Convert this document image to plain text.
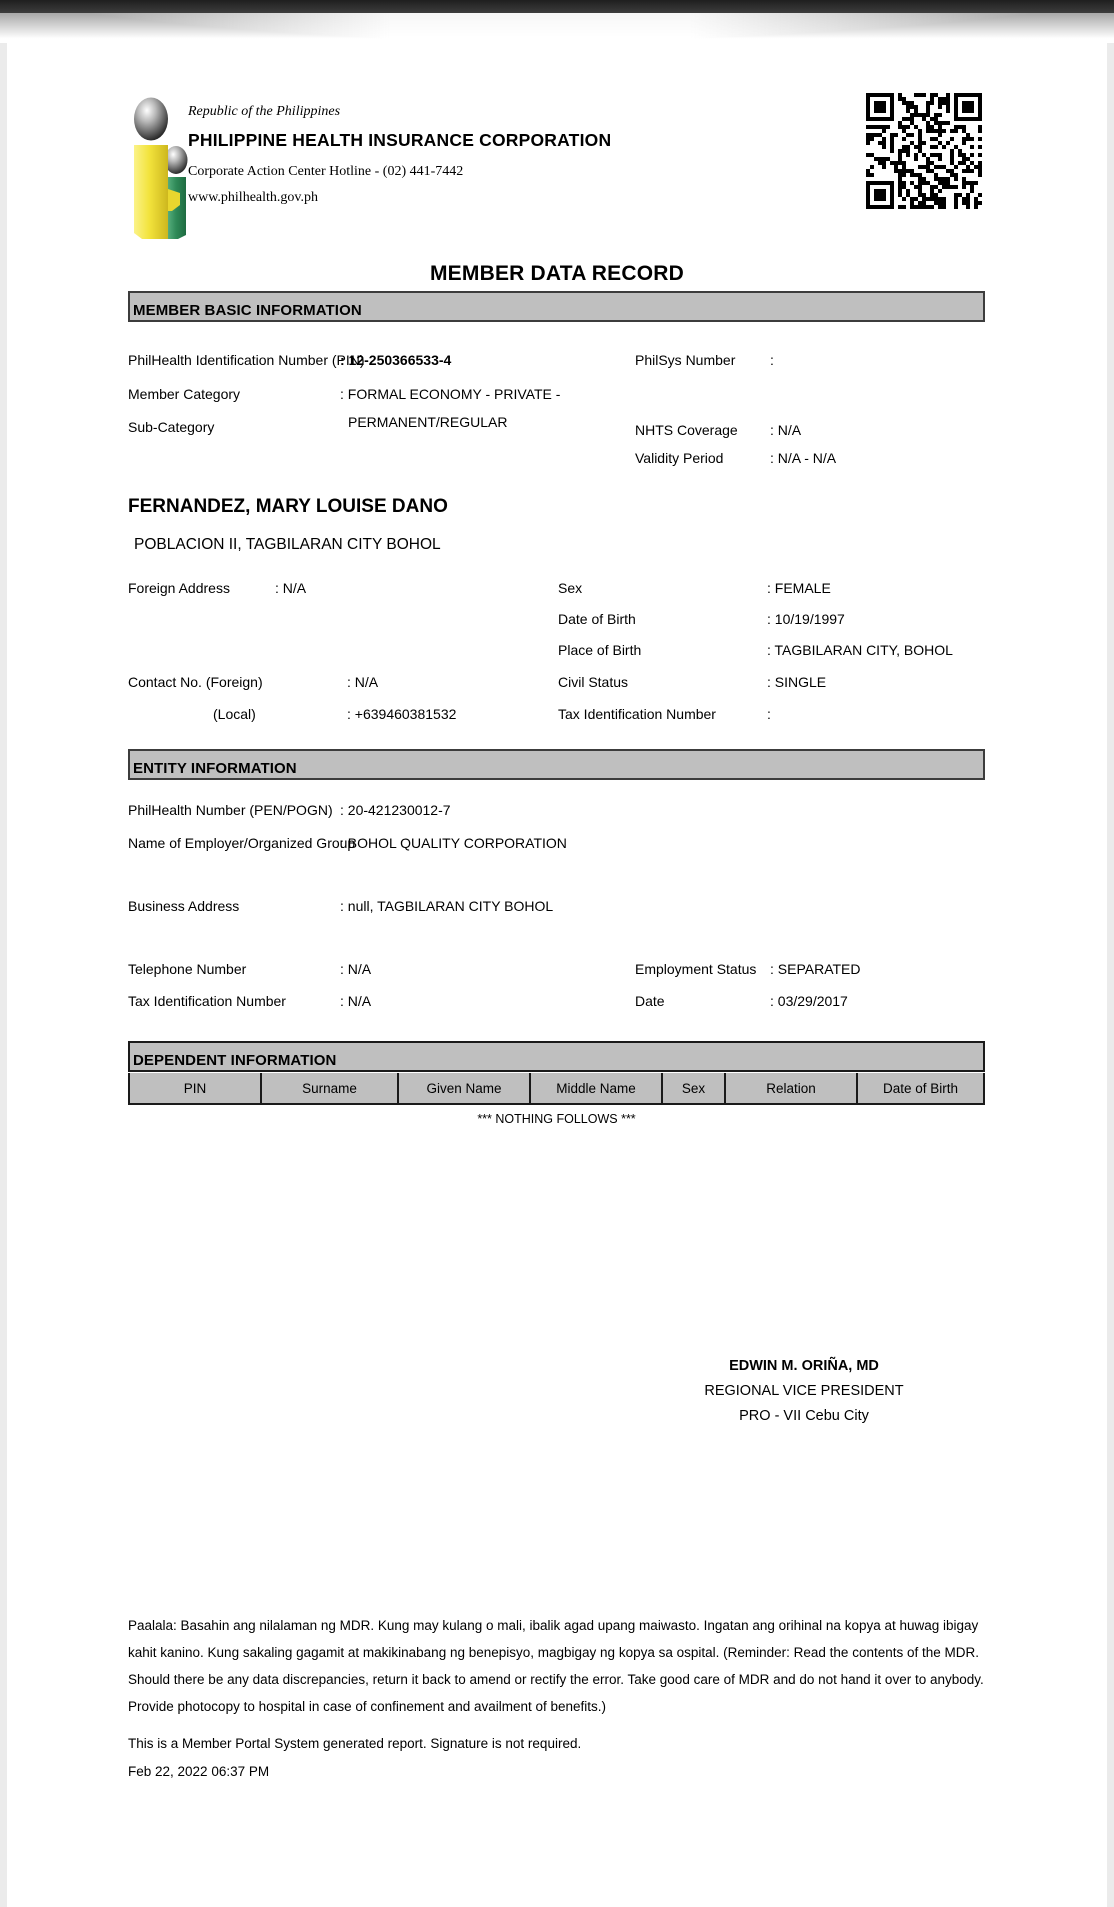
Republic of the Philippines
PHILIPPINE HEALTH INSURANCE CORPORATION
Corporate Action Center Hotline - (02) 441-7442
www.philhealth.gov.ph
MEMBER DATA RECORD
MEMBER BASIC INFORMATION
PhilHealth Identification Number (PIN)
: 12-250366533-4	PhilSys Number :
Member Category	: FORMAL ECONOMY - PRIVATE -
Sub-Category	PERMANENT/REGULAR	NHTS Coverage : N/A
Validity Period	: N/A - N/A
FERNANDEZ, MARY LOUISE DANO
POBLACION II, TAGBILARAN CITY BOHOL
Foreign Address	: N/A	Sex	: FEMALE
Date of Birth	: 10/19/1997
Place of Birth	: TAGBILARAN CITY, BOHOL
Contact No. (Foreign)	: N/A	Civil Status	: SINGLE
(Local)	: +639460381532	Tax Identification Number	:
ENTITY INFORMATION
PhilHealth Number (PEN/POGN) : 20-421230012-7
Name of Employer/Organized Group
: BOHOL QUALITY CORPORATION
Business Address	: null, TAGBILARAN CITY BOHOL
Telephone Number	: N/A	Employment Status : SEPARATED
Tax Identification Number	: N/A	Date	: 03/29/2017
DEPENDENT INFORMATION
PIN	Surname	Given Name	Middle Name	Sex	Relation	Date of Birth
*** NOTHING FOLLOWS ***
EDWIN M. ORIÑA, MD
REGIONAL VICE PRESIDENT
PRO - VII Cebu City
Paalala: Basahin ang nilalaman ng MDR. Kung may kulang o mali, ibalik agad upang maiwasto. Ingatan ang orihinal na kopya at huwag ibigay kahit kanino. Kung sakaling gagamit at makikinabang ng benepisyo, magbigay ng kopya sa ospital. (Reminder: Read the contents of the MDR. Should there be any data discrepancies, return it back to amend or rectify the error. Take good care of MDR and do not hand it over to anybody. Provide photocopy to hospital in case of confinement and availment of benefits.)
This is a Member Portal System generated report. Signature is not required.
Feb 22, 2022 06:37 PM
